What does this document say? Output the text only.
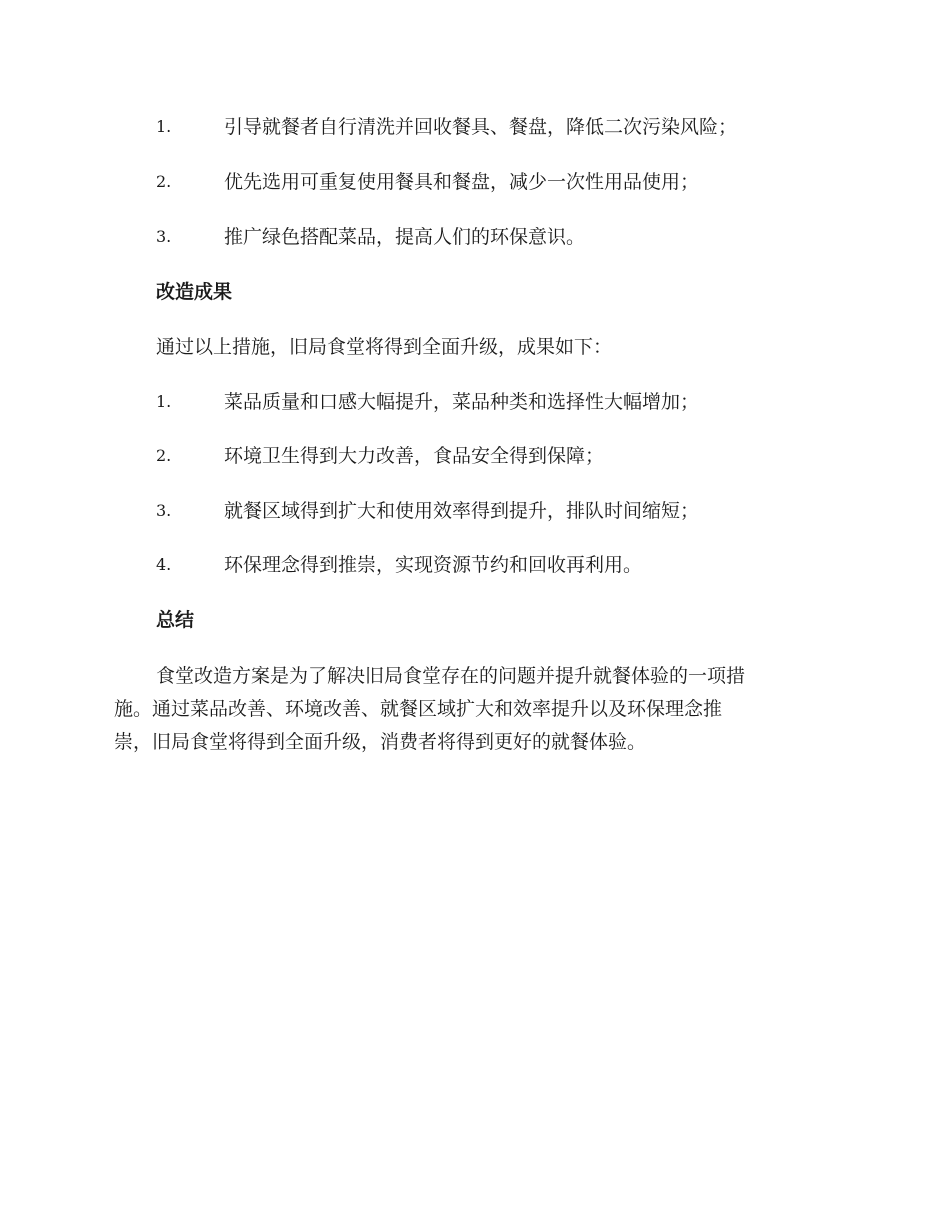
1.	引导就餐者自行清洗并回收餐具、餐盘，降低二次污染风险；
2.	优先选用可重复使用餐具和餐盘，减少一次性用品使用；
3.	推广绿色搭配菜品，提高人们的环保意识。
改造成果
通过以上措施，旧局食堂将得到全面升级，成果如下：
1.	菜品质量和口感大幅提升，菜品种类和选择性大幅增加；
2.	环境卫生得到大力改善，食品安全得到保障；
3.	就餐区域得到扩大和使用效率得到提升，排队时间缩短；
4.	环保理念得到推崇，实现资源节约和回收再利用。
总结
食堂改造方案是为了解决旧局食堂存在的问题并提升就餐体验的一项措
施。通过菜品改善、环境改善、就餐区域扩大和效率提升以及环保理念推
崇，旧局食堂将得到全面升级，消费者将得到更好的就餐体验。
